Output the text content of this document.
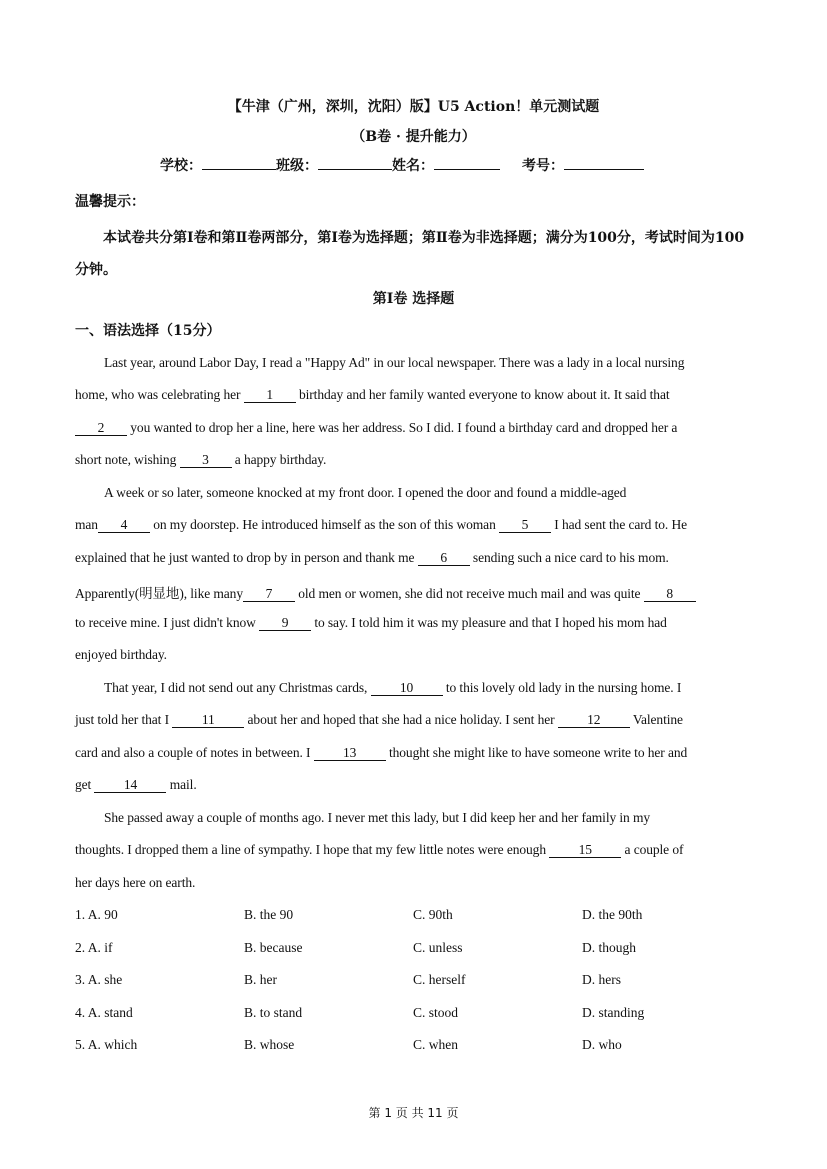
【牛津（广州，深圳，沈阳）版】U5 Action！单元测试题
（B卷 · 提升能力）
学校：	班级：	姓名：	考号：
温馨提示：
本试卷共分第Ⅰ卷和第Ⅱ卷两部分，第Ⅰ卷为选择题；第Ⅱ卷为非选择题；满分为100分，考试时间为100分钟。
第Ⅰ卷 选择题
一、语法选择（15分）
Last year, around Labor Day, I read a "Happy Ad" in our local newspaper. There was a lady in a local nursing
home, who was celebrating her 1 birthday and her family wanted everyone to know about it. It said that
2 you wanted to drop her a line, here was her address. So I did. I found a birthday card and dropped her a
short note, wishing 3 a happy birthday.
A week or so later, someone knocked at my front door. I opened the door and found a middle-aged
man 4 on my doorstep. He introduced himself as the son of this woman 5 I had sent the card to. He
explained that he just wanted to drop by in person and thank me 6 sending such a nice card to his mom.
Apparently(明显地), like many 7 old men or women, she did not receive much mail and was quite 8
to receive mine. I just didn't know 9 to say. I told him it was my pleasure and that I hoped his mom had
enjoyed birthday.
That year, I did not send out any Christmas cards, 10 to this lovely old lady in the nursing home. I
just told her that I 11 about her and hoped that she had a nice holiday. I sent her 12 Valentine
card and also a couple of notes in between. I 13 thought she might like to have someone write to her and
get 14 mail.
She passed away a couple of months ago. I never met this lady, but I did keep her and her family in my
thoughts. I dropped them a line of sympathy. I hope that my few little notes were enough 15 a couple of
her days here on earth.
1. A. 90	B. the 90	C. 90th	D. the 90th
2. A. if	B. because	C. unless	D. though
3. A. she	B. her	C. herself	D. hers
4. A. stand	B. to stand	C. stood	D. standing
5. A. which	B. whose	C. when	D. who
第 1 页 共 11 页
